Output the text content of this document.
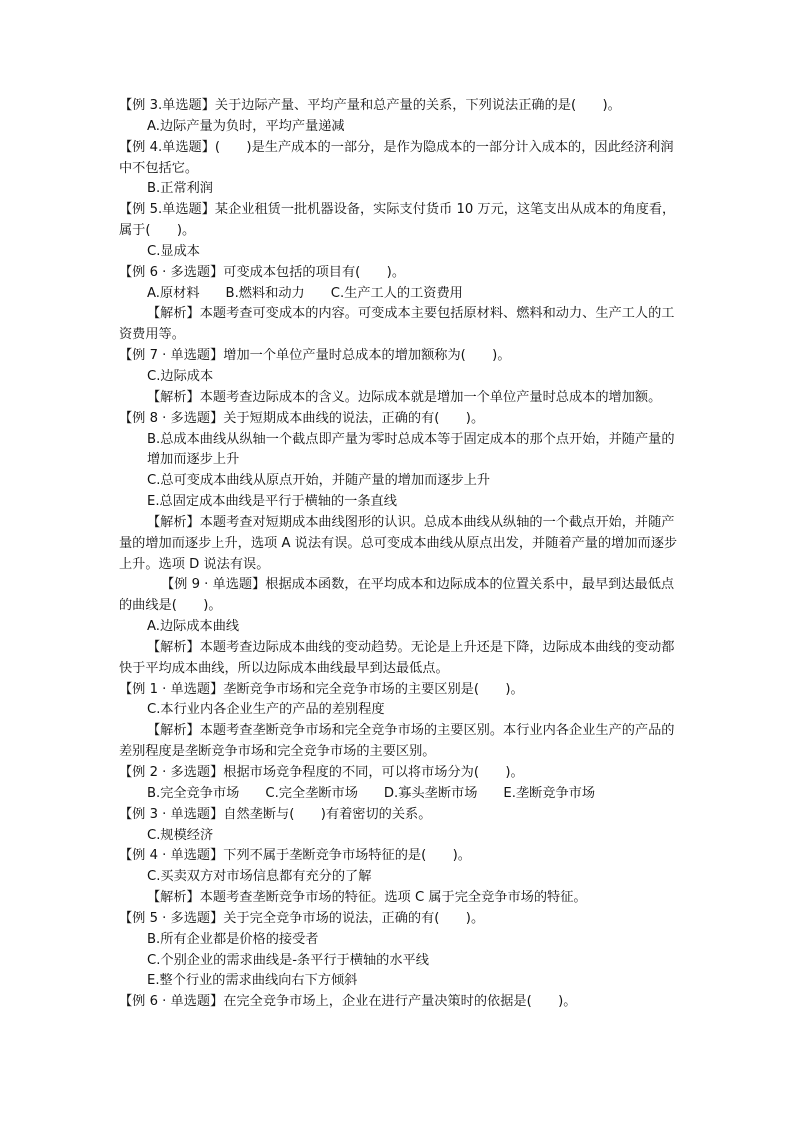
【例 3.单选题】关于边际产量、平均产量和总产量的关系，下列说法正确的是(　　)。
A.边际产量为负时，平均产量递减
【例 4.单选题】(　　)是生产成本的一部分，是作为隐成本的一部分计入成本的，因此经济利润中不包括它。
B.正常利润
【例 5.单选题】某企业租赁一批机器设备，实际支付货币 10 万元，这笔支出从成本的角度看，属于(　　)。
C.显成本
【例 6 · 多选题】可变成本包括的项目有(　　)。
A.原材料 B.燃料和动力 C.生产工人的工资费用
【解析】本题考查可变成本的内容。可变成本主要包括原材料、燃料和动力、生产工人的工资费用等。
【例 7 · 单选题】增加一个单位产量时总成本的增加额称为(　　)。
C.边际成本
【解析】本题考查边际成本的含义。边际成本就是增加一个单位产量时总成本的增加额。
【例 8 · 多选题】关于短期成本曲线的说法，正确的有(　　)。
B.总成本曲线从纵轴一个截点即产量为零时总成本等于固定成本的那个点开始，并随产量的增加而逐步上升
C.总可变成本曲线从原点开始，并随产量的增加而逐步上升
E.总固定成本曲线是平行于横轴的一条直线
【解析】本题考查对短期成本曲线图形的认识。总成本曲线从纵轴的一个截点开始，并随产量的增加而逐步上升，选项 A 说法有误。总可变成本曲线从原点出发，并随着产量的增加而逐步上升。选项 D 说法有误。
【例 9 · 单选题】根据成本函数，在平均成本和边际成本的位置关系中，最早到达最低点的曲线是(　　)。
A.边际成本曲线
【解析】本题考查边际成本曲线的变动趋势。无论是上升还是下降，边际成本曲线的变动都快于平均成本曲线，所以边际成本曲线最早到达最低点。
【例 1 · 单选题】垄断竞争市场和完全竞争市场的主要区别是(　　)。
C.本行业内各企业生产的产品的差别程度
【解析】本题考查垄断竞争市场和完全竞争市场的主要区别。本行业内各企业生产的产品的差别程度是垄断竞争市场和完全竞争市场的主要区别。
【例 2 · 多选题】根据市场竞争程度的不同，可以将市场分为(　　)。
B.完全竞争市场 C.完全垄断市场 D.寡头垄断市场 E.垄断竞争市场
【例 3 · 单选题】自然垄断与(　　)有着密切的关系。
C.规模经济
【例 4 · 单选题】下列不属于垄断竞争市场特征的是(　　)。
C.买卖双方对市场信息都有充分的了解
【解析】本题考查垄断竞争市场的特征。选项 C 属于完全竞争市场的特征。
【例 5 · 多选题】关于完全竞争市场的说法，正确的有(　　)。
B.所有企业都是价格的接受者
C.个别企业的需求曲线是-条平行于横轴的水平线
E.整个行业的需求曲线向右下方倾斜
【例 6 · 单选题】在完全竞争市场上，企业在进行产量决策时的依据是(　　)。
